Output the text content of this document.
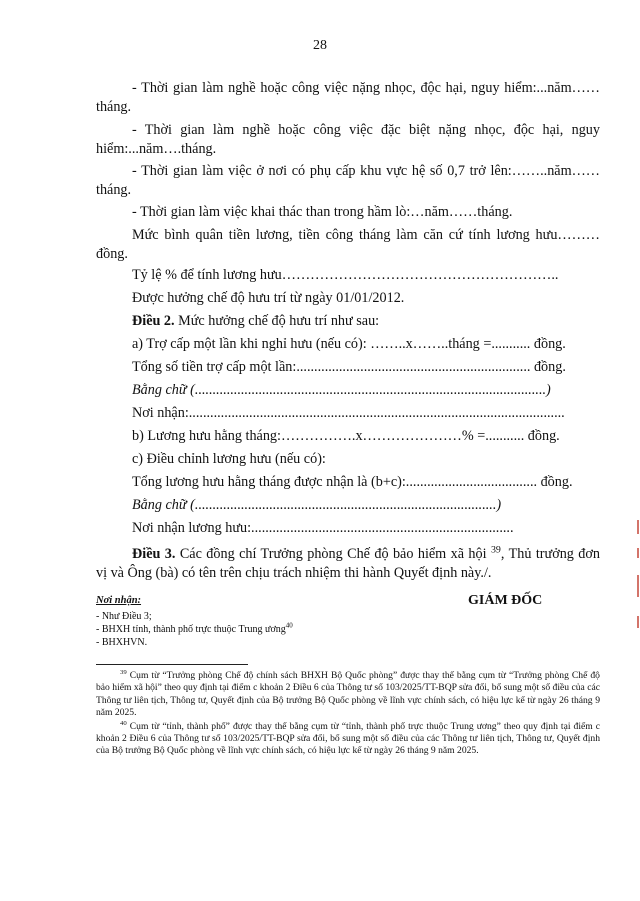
28

- Thời gian làm nghề hoặc công việc nặng nhọc, độc hại, nguy hiểm:...năm……tháng.

- Thời gian làm nghề hoặc công việc đặc biệt nặng nhọc, độc hại, nguy hiểm:...năm….tháng.

- Thời gian làm việc ở nơi có phụ cấp khu vực hệ số 0,7 trở lên:……..năm……tháng.

- Thời gian làm việc khai thác than trong hầm lò:…năm……tháng.

Mức bình quân tiền lương, tiền công tháng làm căn cứ tính lương hưu………đồng.

Tỷ lệ % để tính lương hưu…………………………………………………..

Được hưởng chế độ hưu trí từ ngày 01/01/2012.

Điều 2. Mức hưởng chế độ hưu trí như sau:

a) Trợ cấp một lần khi nghỉ hưu (nếu có): ……..x……..tháng =........... đồng.

Tổng số tiền trợ cấp một lần:.................................................................. đồng.

Bằng chữ (...................................................................................................)

Nơi nhận:..........................................................................................................

b) Lương hưu hằng tháng:…………….x…………………% =........... đồng.

c) Điều chỉnh lương hưu (nếu có):

Tổng lương hưu hằng tháng được nhận là (b+c):..................................... đồng.

Bằng chữ (.....................................................................................)

Nơi nhận lương hưu:..........................................................................

Điều 3. Các đồng chí Trưởng phòng Chế độ bảo hiểm xã hội $^{39}$, Thủ trưởng đơn vị và Ông (bà) có tên trên chịu trách nhiệm thi hành Quyết định này./.

Nơi nhận:
- Như Điều 3;
- BHXH tỉnh, thành phố trực thuộc Trung ương$^{40}$
- BHXHVN.
GIÁM ĐỐC

$^{39}$ Cụm từ “Trưởng phòng Chế độ chính sách BHXH Bộ Quốc phòng” được thay thế bằng cụm từ “Trưởng phòng Chế độ bảo hiểm xã hội” theo quy định tại điểm c khoản 2 Điều 6 của Thông tư số 103/2025/TT-BQP sửa đổi, bổ sung một số điều của các Thông tư liên tịch, Thông tư, Quyết định của Bộ trưởng Bộ Quốc phòng về lĩnh vực chính sách, có hiệu lực kể từ ngày 26 tháng 9 năm 2025.

$^{40}$ Cụm từ “tỉnh, thành phố” được thay thế bằng cụm từ “tỉnh, thành phố trực thuộc Trung ương” theo quy định tại điểm c khoản 2 Điều 6 của Thông tư số 103/2025/TT-BQP sửa đổi, bổ sung một số điều của các Thông tư liên tịch, Thông tư, Quyết định của Bộ trưởng Bộ Quốc phòng về lĩnh vực chính sách, có hiệu lực kể từ ngày 26 tháng 9 năm 2025.
